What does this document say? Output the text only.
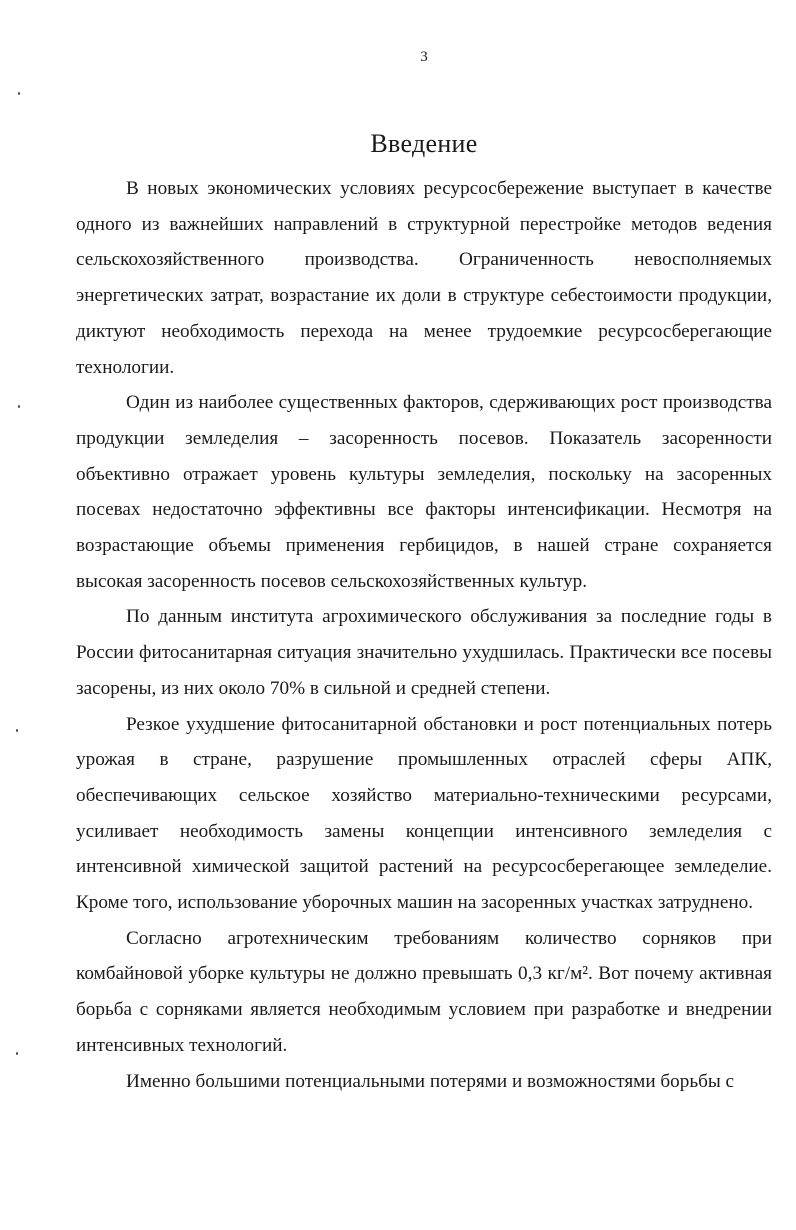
3
Введение

В новых экономических условиях ресурсосбережение выступает в качестве одного из важнейших направлений в структурной перестройке методов ведения сельскохозяйственного производства. Ограниченность невосполняемых энергетических затрат, возрастание их доли в структуре себестоимости продукции, диктуют необходимость перехода на менее трудоемкие ресурсосберегающие технологии.

Один из наиболее существенных факторов, сдерживающих рост производства продукции земледелия – засоренность посевов. Показатель засоренности объективно отражает уровень культуры земледелия, поскольку на засоренных посевах недостаточно эффективны все факторы интенсификации. Несмотря на возрастающие объемы применения гербицидов, в нашей стране сохраняется высокая засоренность посевов сельскохозяйственных культур.

По данным института агрохимического обслуживания за последние годы в России фитосанитарная ситуация значительно ухудшилась. Практически все посевы засорены, из них около 70% в сильной и средней степени.

Резкое ухудшение фитосанитарной обстановки и рост потенциальных потерь урожая в стране, разрушение промышленных отраслей сферы АПК, обеспечивающих сельское хозяйство материально-техническими ресурсами, усиливает необходимость замены концепции интенсивного земледелия с интенсивной химической защитой растений на ресурсосберегающее земледелие. Кроме того, использование уборочных машин на засоренных участках затруднено.

Согласно агротехническим требованиям количество сорняков при комбайновой уборке культуры не должно превышать 0,3 кг/м². Вот почему активная борьба с сорняками является необходимым условием при разработке и внедрении интенсивных технологий.

Именно большими потенциальными потерями и возможностями борьбы с
